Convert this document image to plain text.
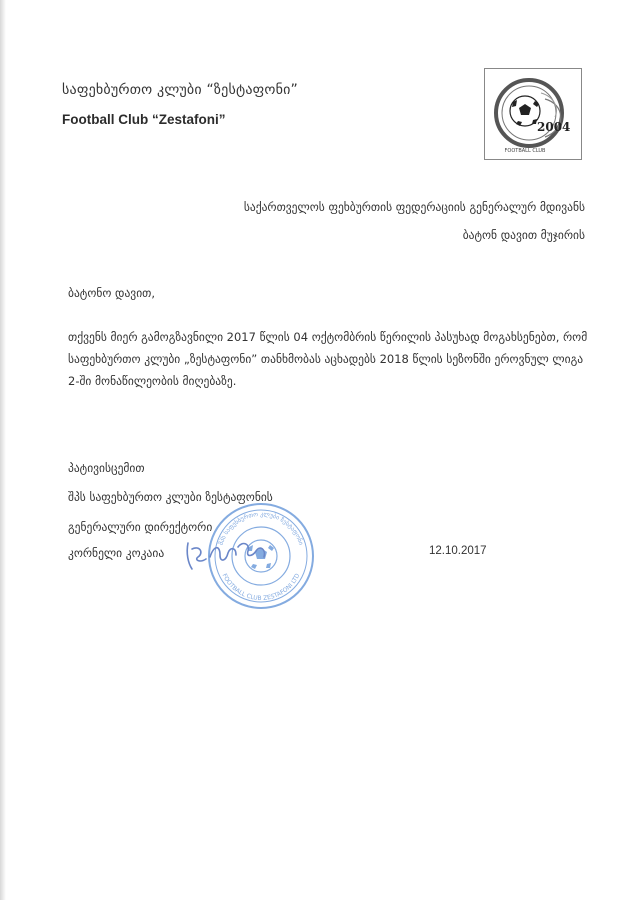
საფეხბურთო კლუბი “ზესტაფონი”
Football Club “Zestafoni”	2004
FOOTBALL CLUB
საქართველოს ფეხბურთის ფედერაციის გენერალურ მდივანს
ბატონ დავით მუჯირის
ბატონო დავით,
თქვენს მიერ გამოგზავნილი 2017 წლის 04 ოქტომბრის წერილის პასუხად მოგახსენებთ, რომ საფეხბურთო კლუბი „ზესტაფონი” თანხმობას აცხადებს 2018 წლის სეზონში ეროვნულ ლიგა 2-ში მონაწილეობის მიღებაზე.
პატივისცემით
შპს საფეხბურთო კლუბი ზესტაფონის
გენერალური დირექტორი
კორნელი კოკაია	12.10.2017
შპს საფეხბურთო კლუბი ზესტაფონი
FOOTBALL CLUB ZESTAFONI LTD
